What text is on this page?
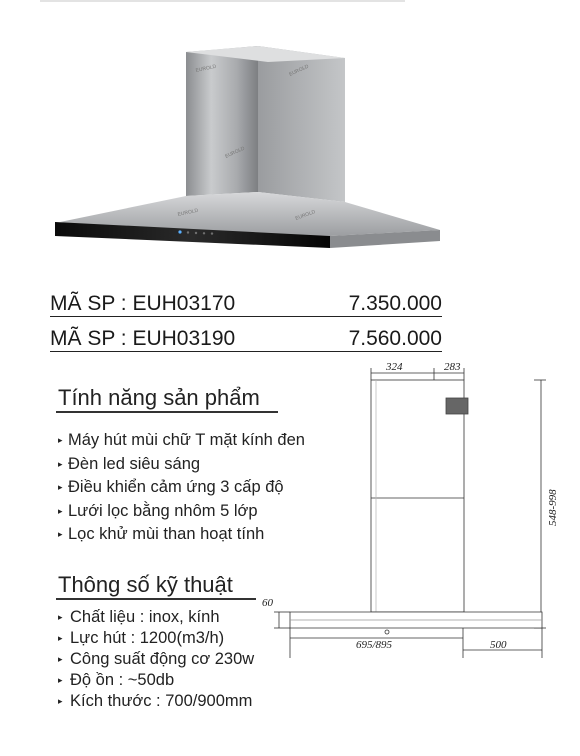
EUROLD	EUROLD
EUROLD
EUROLD	EUROLD
MÃ SP : EUH03170	7.350.000
MÃ SP : EUH03190	7.560.000
Tính năng sản phẩm
▸ Máy hút mùi chữ T mặt kính đen
▸ Đèn led siêu sáng
▸ Điều khiển cảm ứng 3 cấp độ
▸ Lưới lọc bằng nhôm 5 lớp
▸ Lọc khử mùi than hoạt tính
Thông số kỹ thuật
▸ Chất liệu : inox, kính
▸ Lực hút : 1200(m3/h)
▸ Công suất động cơ 230w
▸ Độ ồn : ~50db
▸ Kích thước : 700/900mm
324	283
548-998
60
695/895	500
